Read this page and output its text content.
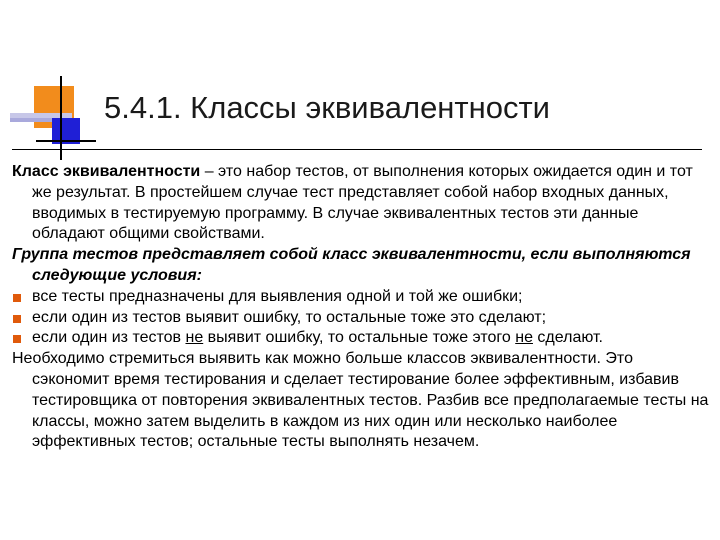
5.4.1. Классы эквивалентности

Класс эквивалентности – это набор тестов, от выполнения которых ожидается один и тот же результат. В простейшем случае тест представляет собой набор входных данных, вводимых в тестируемую программу. В случае эквивалентных тестов эти данные обладают общими свойствами.

Группа тестов представляет собой класс эквивалентности, если выполняются следующие условия:

все тесты предназначены для выявления одной и той же ошибки;

если один из тестов выявит ошибку, то остальные тоже это сделают;

если один из тестов не выявит ошибку, то остальные тоже этого не сделают.

Необходимо стремиться выявить как можно больше классов эквивалентности. Это сэкономит время тестирования и сделает тестирование более эффективным, избавив тестировщика от повторения эквивалентных тестов. Разбив все предполагаемые тесты на классы, можно затем выделить в каждом из них один или несколько наиболее эффективных тестов; остальные тесты выполнять незачем.
